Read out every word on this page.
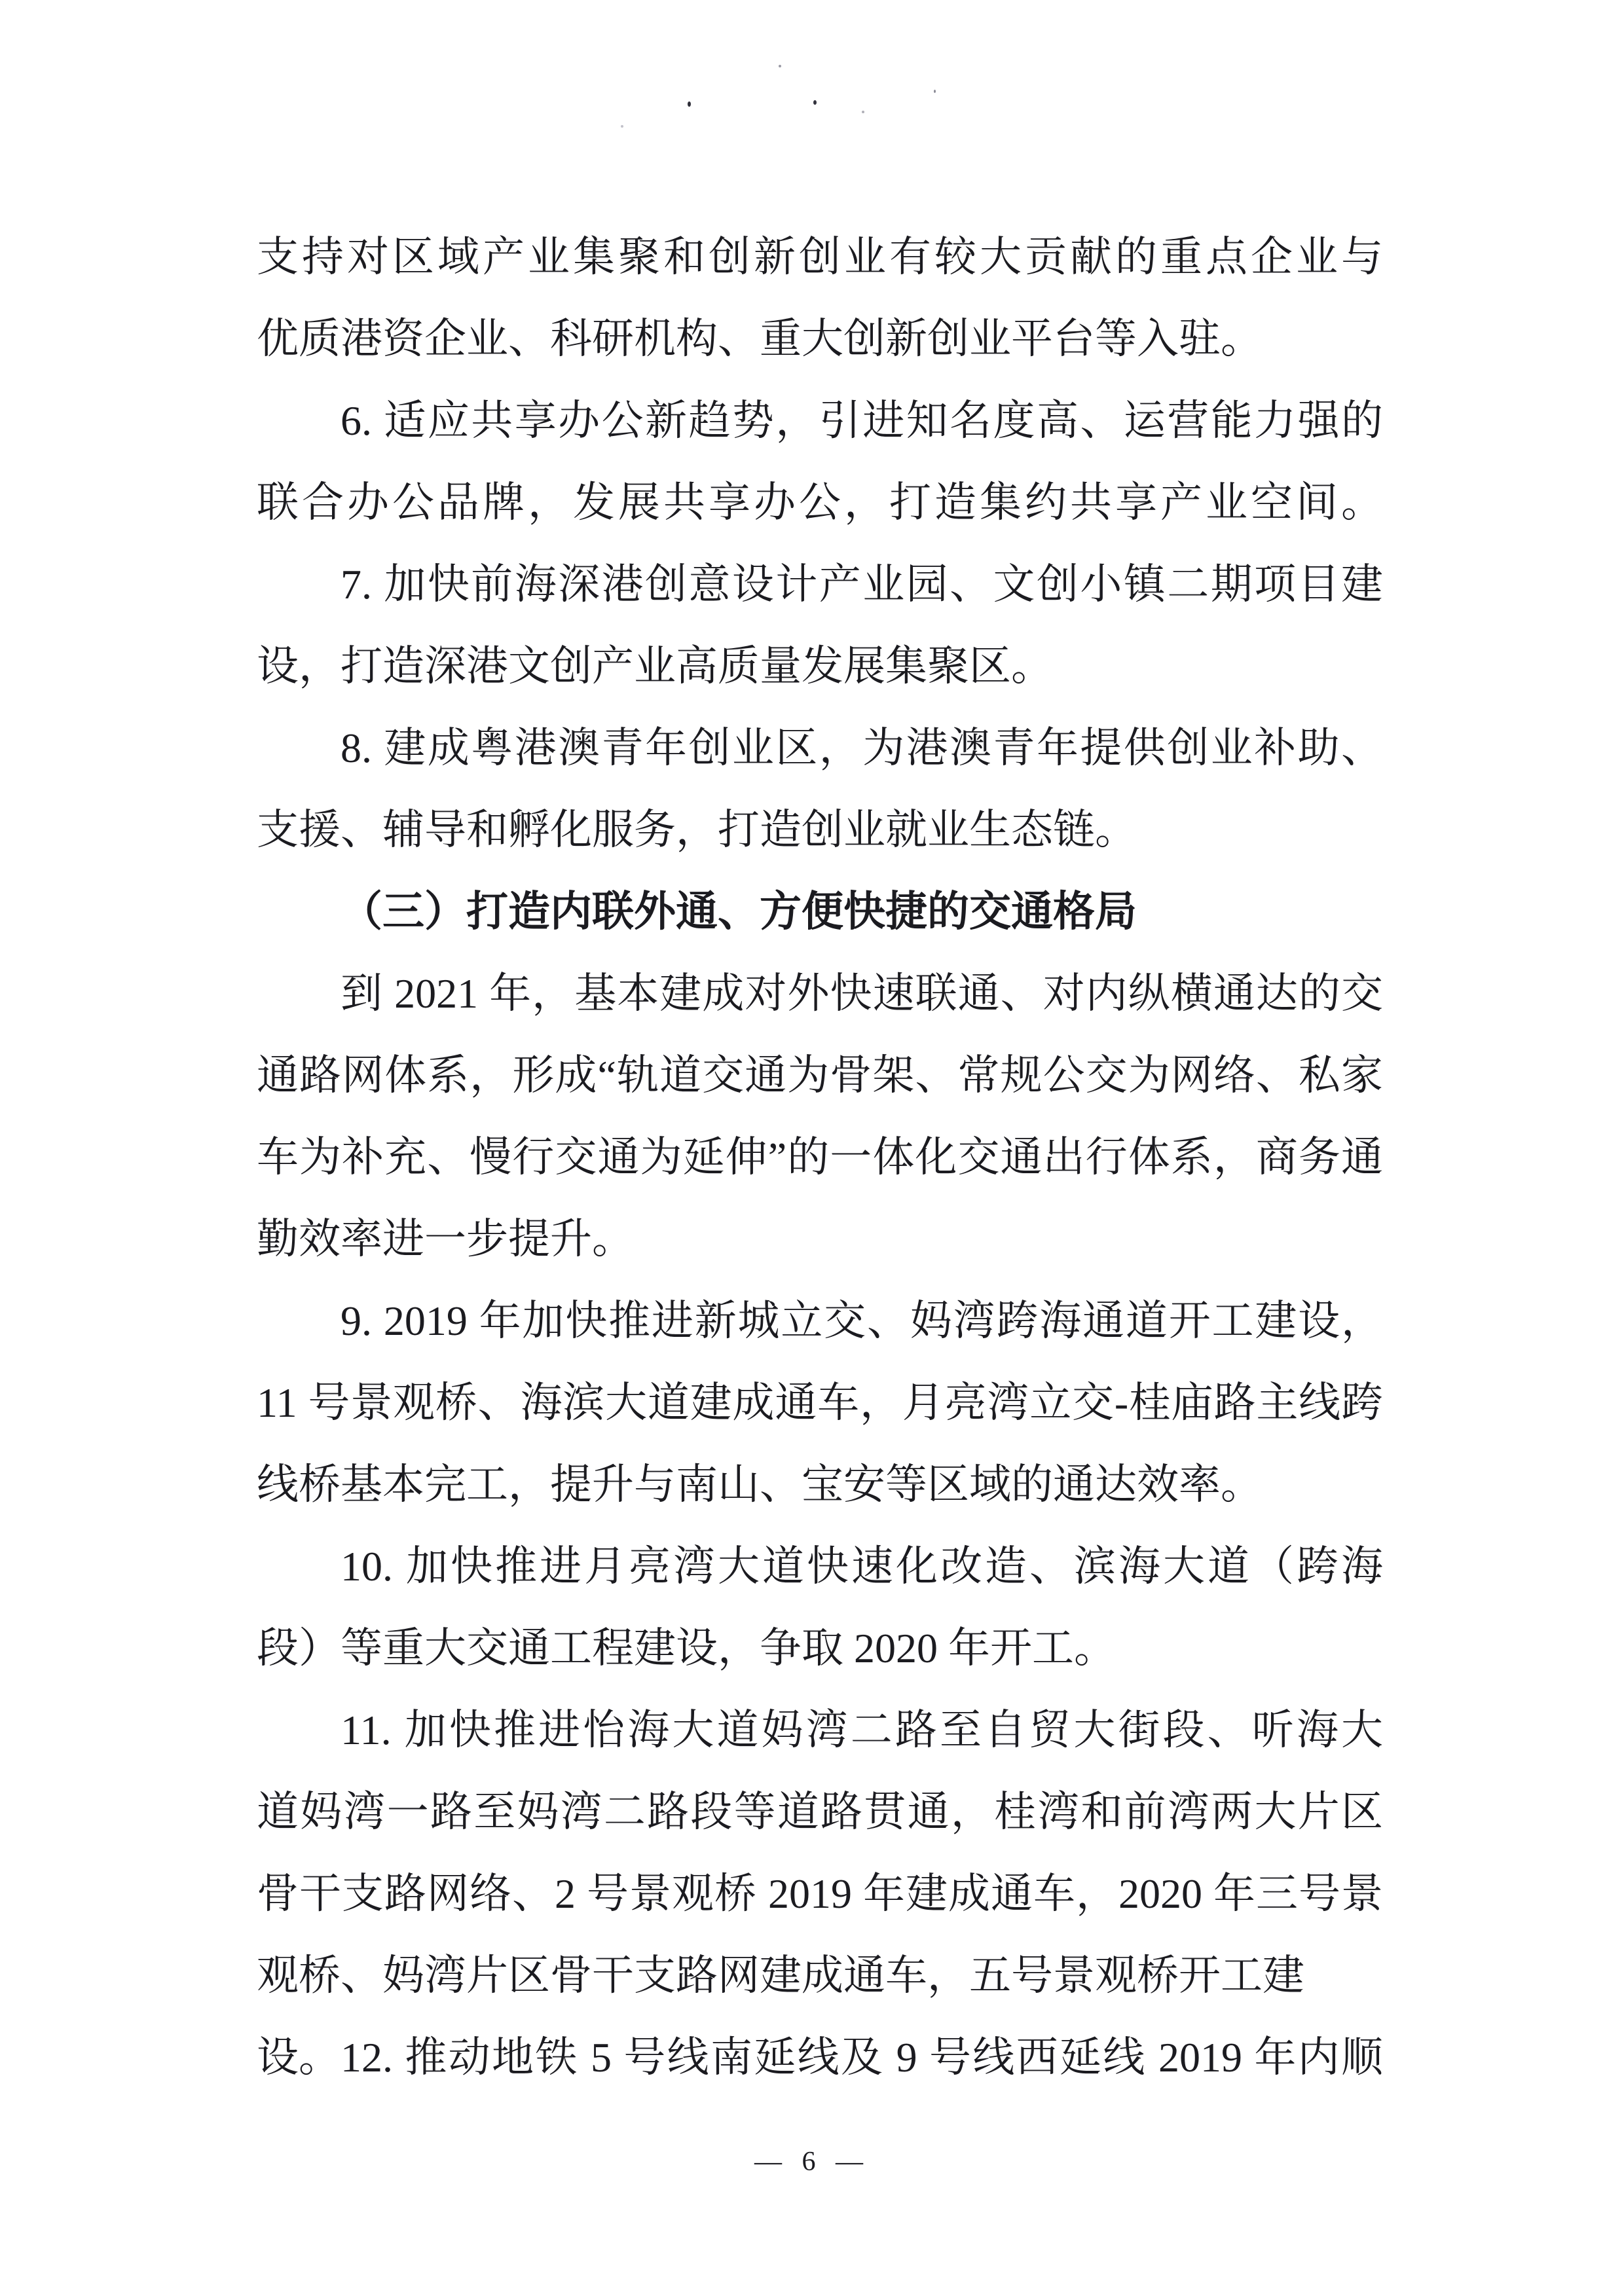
支持对区域产业集聚和创新创业有较大贡献的重点企业与
优质港资企业、科研机构、重大创新创业平台等入驻。
6. 适应共享办公新趋势，引进知名度高、运营能力强的
联合办公品牌，发展共享办公，打造集约共享产业空间。
7. 加快前海深港创意设计产业园、文创小镇二期项目建
设，打造深港文创产业高质量发展集聚区。
8. 建成粤港澳青年创业区，为港澳青年提供创业补助、
支援、辅导和孵化服务，打造创业就业生态链。
（三）打造内联外通、方便快捷的交通格局
到 2021 年，基本建成对外快速联通、对内纵横通达的交
通路网体系，形成“轨道交通为骨架、常规公交为网络、私家
车为补充、慢行交通为延伸”的一体化交通出行体系，商务通
勤效率进一步提升。
9. 2019 年加快推进新城立交、妈湾跨海通道开工建设，
11 号景观桥、海滨大道建成通车，月亮湾立交-桂庙路主线跨
线桥基本完工，提升与南山、宝安等区域的通达效率。
10. 加快推进月亮湾大道快速化改造、滨海大道（跨海
段）等重大交通工程建设，争取 2020 年开工。
11. 加快推进怡海大道妈湾二路至自贸大街段、听海大
道妈湾一路至妈湾二路段等道路贯通，桂湾和前湾两大片区
骨干支路网络、2 号景观桥 2019 年建成通车，2020 年三号景
观桥、妈湾片区骨干支路网建成通车，五号景观桥开工建设。 12. 推动地铁 5 号线南延线及 9 号线西延线 2019 年内顺
— 6 —
